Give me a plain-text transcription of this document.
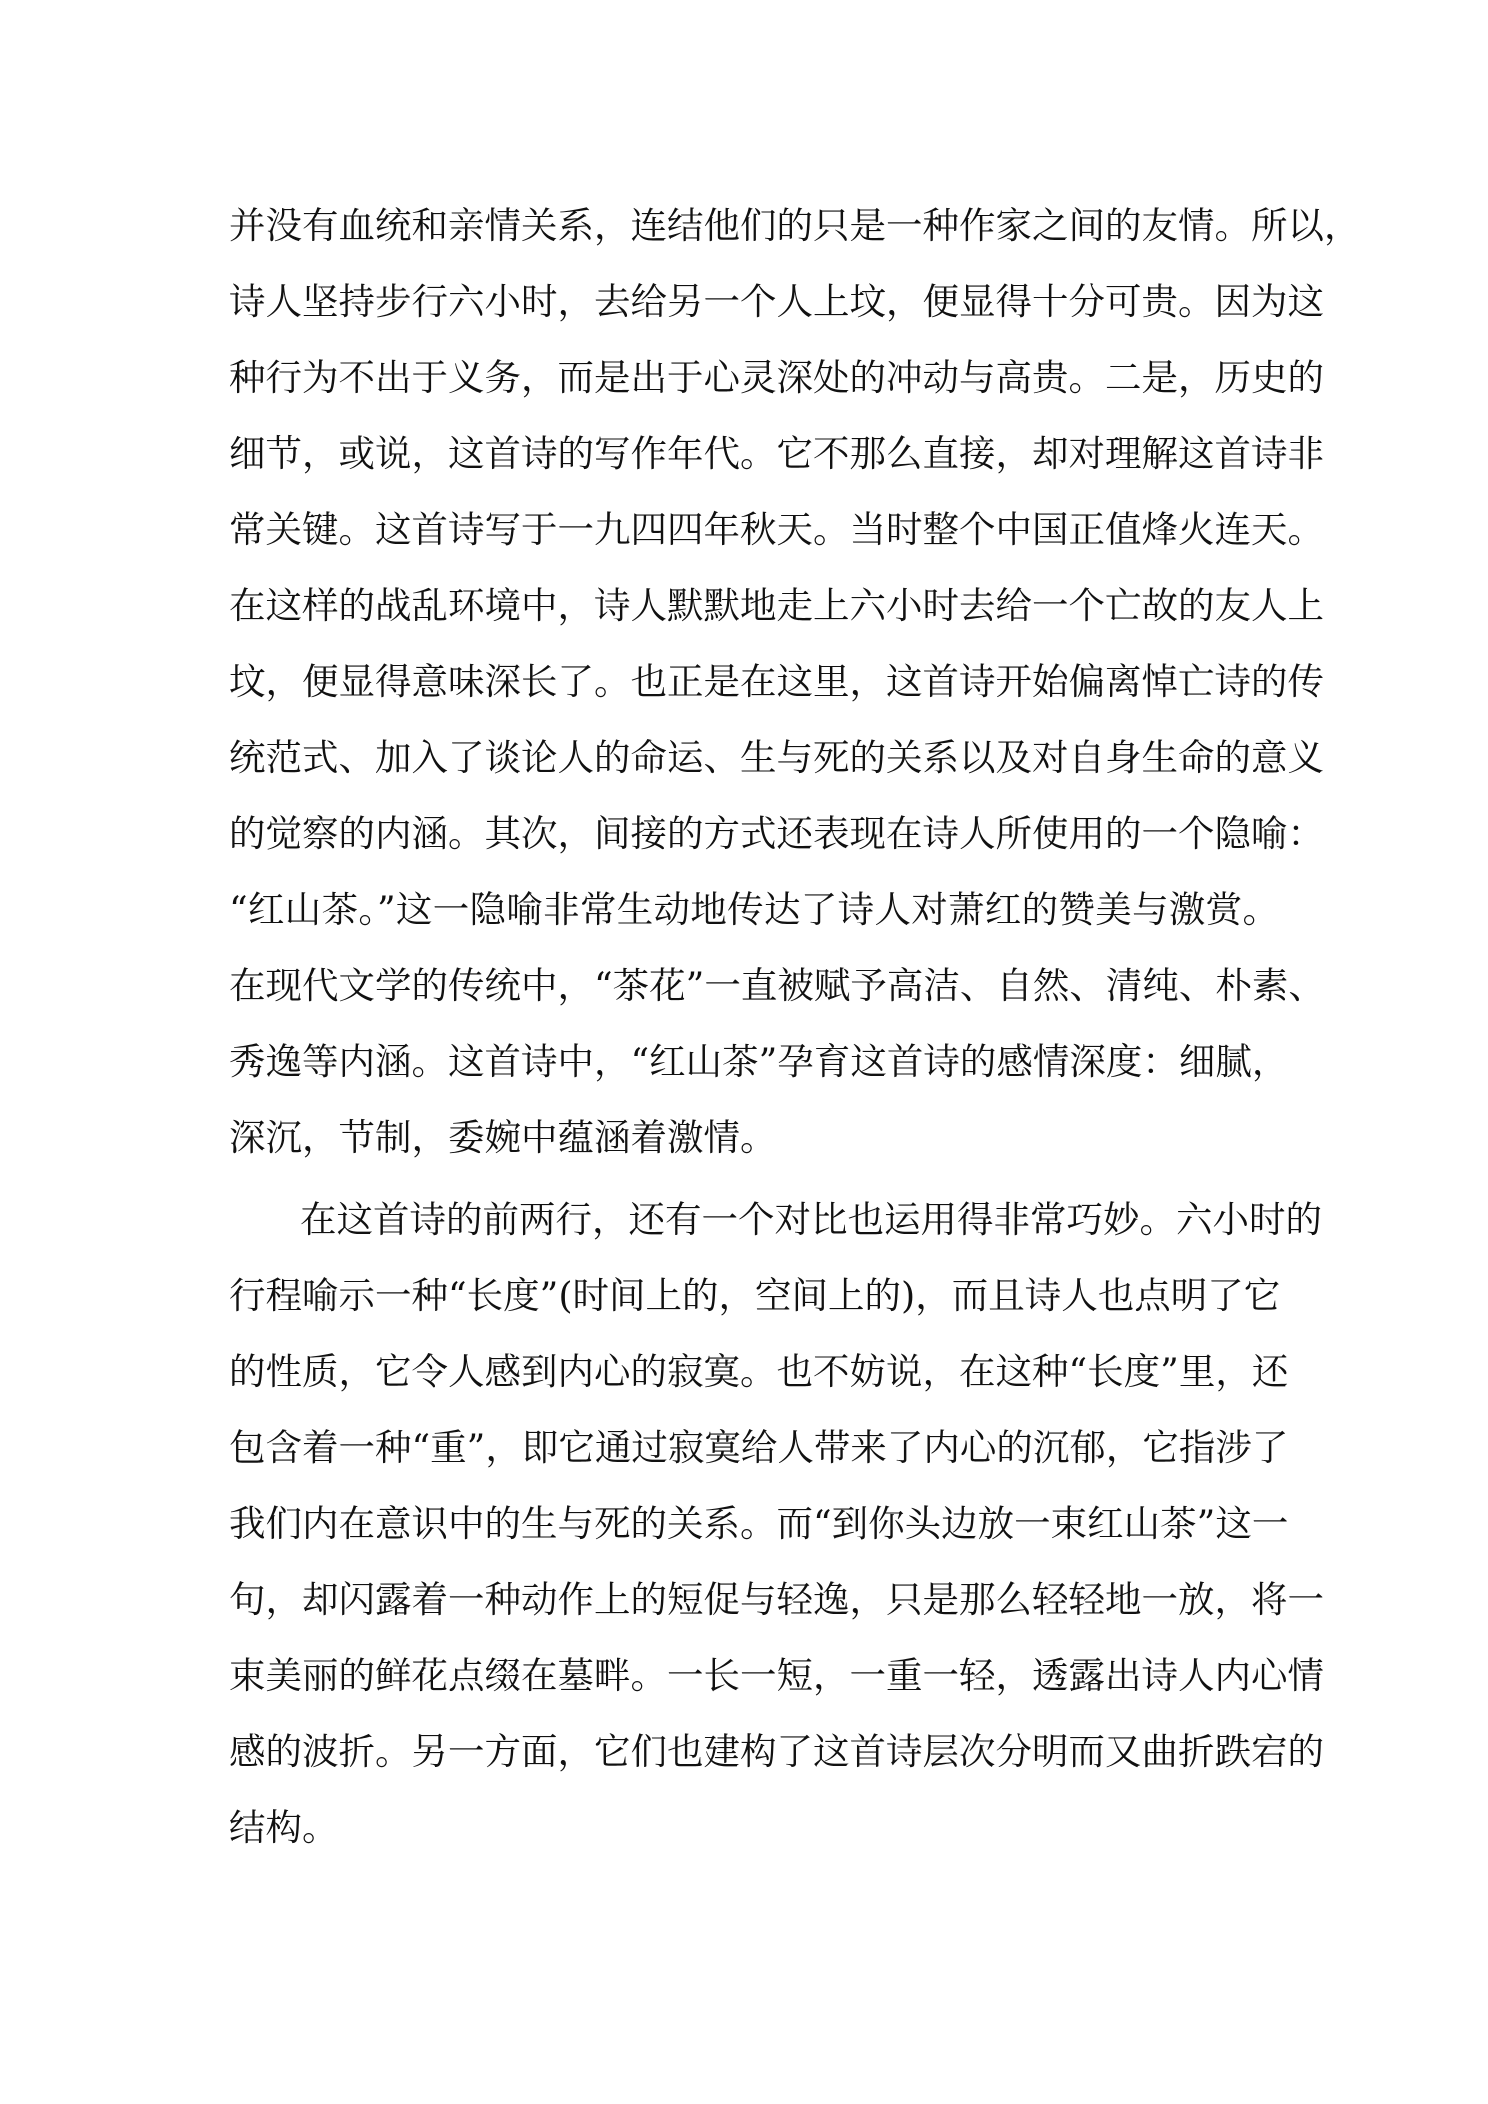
并没有血统和亲情关系，连结他们的只是一种作家之间的友情。所以，
诗人坚持步行六小时，去给另一个人上坟，便显得十分可贵。因为这
种行为不出于义务，而是出于心灵深处的冲动与高贵。二是，历史的
细节，或说，这首诗的写作年代。它不那么直接，却对理解这首诗非
常关键。这首诗写于一九四四年秋天。当时整个中国正值烽火连天。
在这样的战乱环境中，诗人默默地走上六小时去给一个亡故的友人上
坟，便显得意味深长了。也正是在这里，这首诗开始偏离悼亡诗的传
统范式、加入了谈论人的命运、生与死的关系以及对自身生命的意义
的觉察的内涵。其次，间接的方式还表现在诗人所使用的一个隐喻：
“红山茶。”这一隐喻非常生动地传达了诗人对萧红的赞美与激赏。
在现代文学的传统中，“茶花”一直被赋予高洁、自然、清纯、朴素、
秀逸等内涵。这首诗中，“红山茶”孕育这首诗的感情深度：细腻，
深沉，节制，委婉中蕴涵着激情。
在这首诗的前两行，还有一个对比也运用得非常巧妙。六小时的
行程喻示一种“长度”(时间上的，空间上的)，而且诗人也点明了它
的性质，它令人感到内心的寂寞。也不妨说，在这种“长度”里，还
包含着一种“重”，即它通过寂寞给人带来了内心的沉郁，它指涉了
我们内在意识中的生与死的关系。而“到你头边放一束红山茶”这一
句，却闪露着一种动作上的短促与轻逸，只是那么轻轻地一放，将一
束美丽的鲜花点缀在墓畔。一长一短，一重一轻，透露出诗人内心情
感的波折。另一方面，它们也建构了这首诗层次分明而又曲折跌宕的
结构。
